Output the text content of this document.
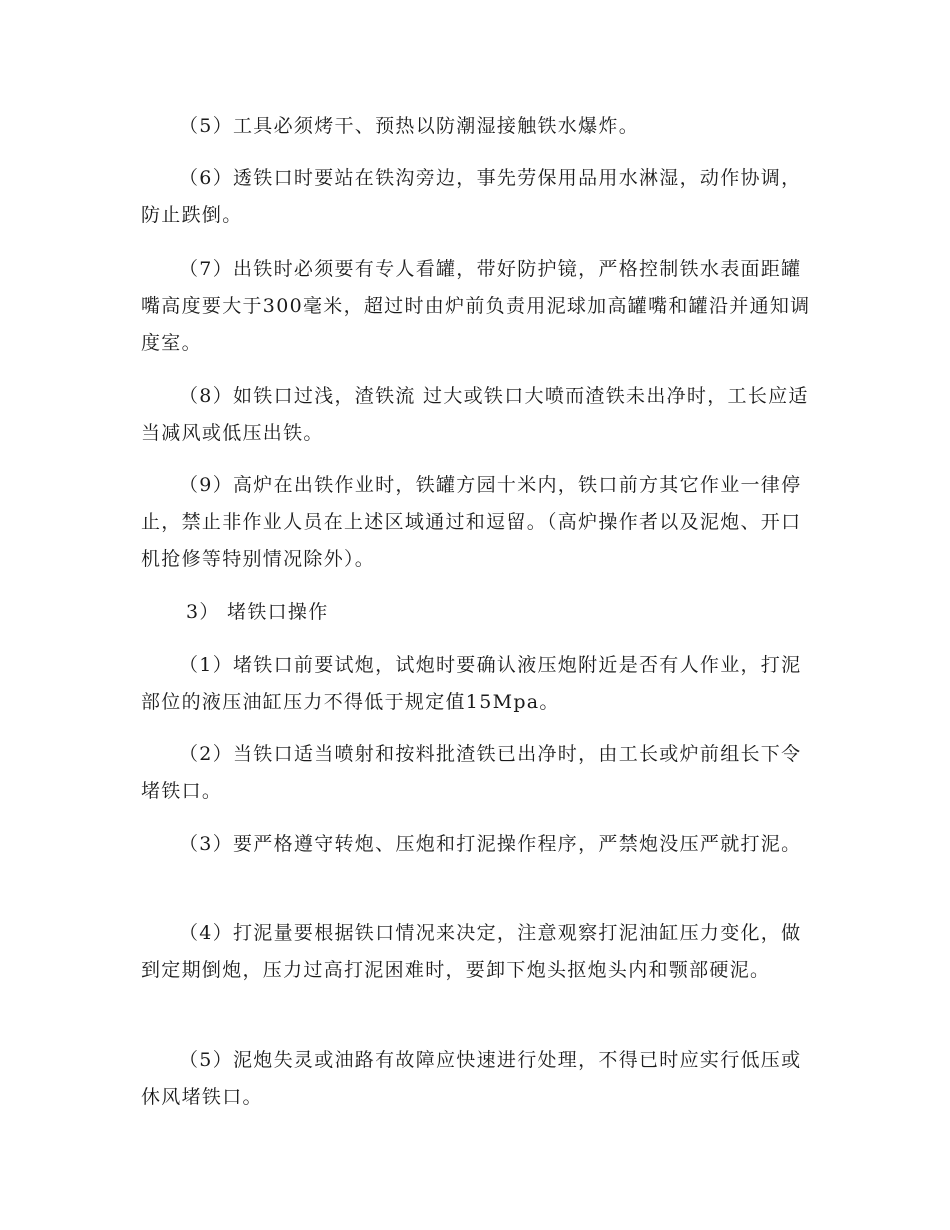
（5）工具必须烤干、预热以防潮湿接触铁水爆炸。

（6）透铁口时要站在铁沟旁边，事先劳保用品用水淋湿，动作协调，防止跌倒。

（7）出铁时必须要有专人看罐，带好防护镜，严格控制铁水表面距罐嘴高度要大于300毫米，超过时由炉前负责用泥球加高罐嘴和罐沿并通知调度室。

（8）如铁口过浅，渣铁流 过大或铁口大喷而渣铁未出净时，工长应适当减风或低压出铁。

（9）高炉在出铁作业时，铁罐方园十米内，铁口前方其它作业一律停止，禁止非作业人员在上述区域通过和逗留。（高炉操作者以及泥炮、开口机抢修等特别情况除外）。

3） 堵铁口操作

（1）堵铁口前要试炮，试炮时要确认液压炮附近是否有人作业，打泥部位的液压油缸压力不得低于规定值15Mpa。

（2）当铁口适当喷射和按料批渣铁已出净时，由工长或炉前组长下令堵铁口。

（3）要严格遵守转炮、压炮和打泥操作程序，严禁炮没压严就打泥。

（4）打泥量要根据铁口情况来决定，注意观察打泥油缸压力变化，做到定期倒炮，压力过高打泥困难时，要卸下炮头抠炮头内和颚部硬泥。

（5）泥炮失灵或油路有故障应快速进行处理，不得已时应实行低压或休风堵铁口。
